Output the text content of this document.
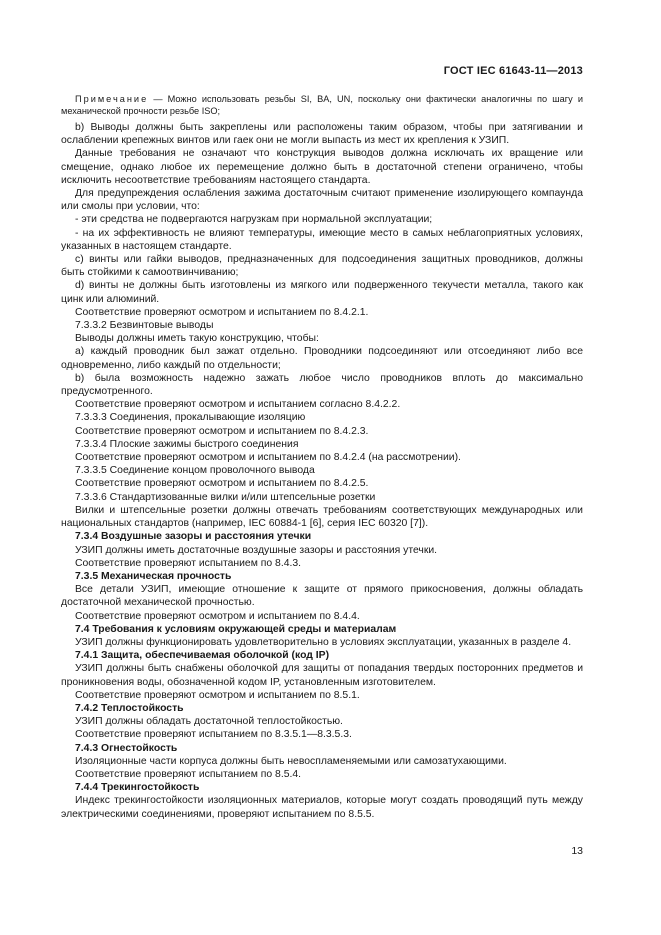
ГОСТ IEC 61643-11—2013

Примечание — Можно использовать резьбы SI, BA, UN, поскольку они фактически аналогичны по шагу и механической прочности резьбе ISO;

b) Выводы должны быть закреплены или расположены таким образом, чтобы при затягивании и ослаблении крепежных винтов или гаек они не могли выпасть из мест их крепления к УЗИП.

Данные требования не означают что конструкция выводов должна исключать их вращение или смещение, однако любое их перемещение должно быть в достаточной степени ограничено, чтобы исключить несоответствие требованиям настоящего стандарта.

Для предупреждения ослабления зажима достаточным считают применение изолирующего компаунда или смолы при условии, что:

- эти средства не подвергаются нагрузкам при нормальной эксплуатации;

- на их эффективность не влияют температуры, имеющие место в самых неблагоприятных условиях, указанных в настоящем стандарте.

c) винты или гайки выводов, предназначенных для подсоединения защитных проводников, должны быть стойкими к самоотвинчиванию;

d) винты не должны быть изготовлены из мягкого или подверженного текучести металла, такого как цинк или алюминий.

Соответствие проверяют осмотром и испытанием по 8.4.2.1.

7.3.3.2 Безвинтовые выводы

Выводы должны иметь такую конструкцию, чтобы:

a) каждый проводник был зажат отдельно. Проводники подсоединяют или отсоединяют либо все одновременно, либо каждый по отдельности;

b) была возможность надежно зажать любое число проводников вплоть до максимально предусмотренного.

Соответствие проверяют осмотром и испытанием согласно 8.4.2.2.

7.3.3.3 Соединения, прокалывающие изоляцию

Соответствие проверяют осмотром и испытанием по 8.4.2.3.

7.3.3.4 Плоские зажимы быстрого соединения

Соответствие проверяют осмотром и испытанием по 8.4.2.4 (на рассмотрении).

7.3.3.5 Соединение концом проволочного вывода

Соответствие проверяют осмотром и испытанием по 8.4.2.5.

7.3.3.6 Стандартизованные вилки и/или штепсельные розетки

Вилки и штепсельные розетки должны отвечать требованиям соответствующих международных или национальных стандартов (например, IEC 60884-1 [6], серия IEC 60320 [7]).

7.3.4 Воздушные зазоры и расстояния утечки

УЗИП должны иметь достаточные воздушные зазоры и расстояния утечки.

Соответствие проверяют испытанием по 8.4.3.

7.3.5 Механическая прочность

Все детали УЗИП, имеющие отношение к защите от прямого прикосновения, должны обладать достаточной механической прочностью.

Соответствие проверяют осмотром и испытанием по 8.4.4.

7.4 Требования к условиям окружающей среды и материалам

УЗИП должны функционировать удовлетворительно в условиях эксплуатации, указанных в разделе 4.

7.4.1 Защита, обеспечиваемая оболочкой (код IP)

УЗИП должны быть снабжены оболочкой для защиты от попадания твердых посторонних предметов и проникновения воды, обозначенной кодом IP, установленным изготовителем.

Соответствие проверяют осмотром и испытанием по 8.5.1.

7.4.2 Теплостойкость

УЗИП должны обладать достаточной теплостойкостью.

Соответствие проверяют испытанием по 8.3.5.1—8.3.5.3.

7.4.3 Огнестойкость

Изоляционные части корпуса должны быть невоспламеняемыми или самозатухающими.

Соответствие проверяют испытанием по 8.5.4.

7.4.4 Трекингостойкость

Индекс трекингостойкости изоляционных материалов, которые могут создать проводящий путь между электрическими соединениями, проверяют испытанием по 8.5.5.

13
